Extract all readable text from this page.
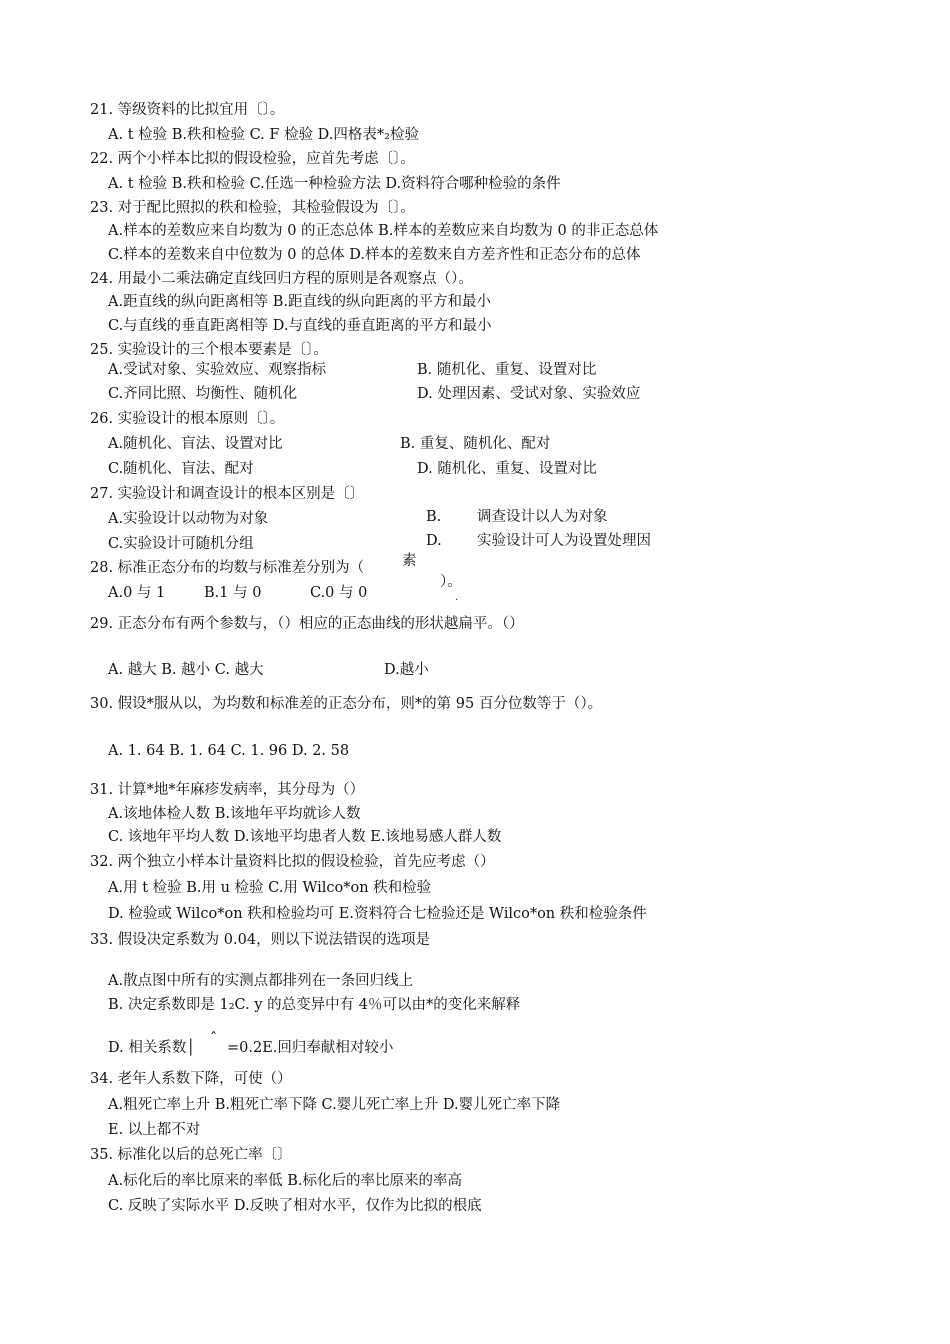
21. 等级资料的比拟宜用〔〕。
A. t 检验 B.秩和检验 C. F 检验 D.四格表*₂检验
22. 两个小样本比拟的假设检验，应首先考虑〔〕。
A. t 检验 B.秩和检验 C.任选一种检验方法 D.资料符合哪种检验的条件
23. 对于配比照拟的秩和检验，其检验假设为〔〕。
A.样本的差数应来自均数为 0 的正态总体 B.样本的差数应来自均数为 0 的非正态总体
C.样本的差数来自中位数为 0 的总体 D.样本的差数来自方差齐性和正态分布的总体
24. 用最小二乘法确定直线回归方程的原则是各观察点（）。
A.距直线的纵向距离相等 B.距直线的纵向距离的平方和最小
C.与直线的垂直距离相等 D.与直线的垂直距离的平方和最小
25. 实验设计的三个根本要素是〔〕。
A.受试对象、实验效应、观察指标	B. 随机化、重复、设置对比
C.齐同比照、均衡性、随机化	D. 处理因素、受试对象、实验效应
26. 实验设计的根本原则〔〕。
A.随机化、盲法、设置对比	B. 重复、随机化、配对
C.随机化、盲法、配对	D. 随机化、重复、设置对比
27. 实验设计和调查设计的根本区别是〔〕
A.实验设计以动物为对象	B. 调查设计以人为对象
C.实验设计可随机分组	D. 实验设计可人为设置处理因
素
28. 标准正态分布的均数与标准差分别为（
）。
.
A.0 与 1	B.1 与 0	C.0 与 0
29. 正态分布有两个参数与，（）相应的正态曲线的形状越扁平。（）
A. 越大 B. 越小 C. 越大	D.越小
30. 假设*服从以，为均数和标准差的正态分布，则*的第 95 百分位数等于（）。
A. 1. 64 B. 1. 64 C. 1. 96 D. 2. 58
31. 计算*地*年麻疹发病率，其分母为（）
A.该地体检人数 B.该地年平均就诊人数
C. 该地年平均人数 D.该地平均患者人数 E.该地易感人群人数
32. 两个独立小样本计量资料比拟的假设检验，首先应考虑（）
A.用 t 检验 B.用 u 检验 C.用 Wilco*on 秩和检验
D. 检验或 Wilco*on 秩和检验均可 E.资料符合七检验还是 Wilco*on 秩和检验条件
33. 假设决定系数为 0.04，则以下说法错误的选项是
A.散点图中所有的实测点都排列在一条回归线上
B. 决定系数即是 1₂C. y 的总变异中有 4％可以由*的变化来解释
D. 相关系数│
ˆ
=0.2E.回归奉献相对较小
34. 老年人系数下降，可使（）
A.粗死亡率上升 B.粗死亡率下降 C.婴儿死亡率上升 D.婴儿死亡率下降
E. 以上都不对
35. 标准化以后的总死亡率〔〕
A.标化后的率比原来的率低 B.标化后的率比原来的率高
C. 反映了实际水平 D.反映了相对水平，仅作为比拟的根底
